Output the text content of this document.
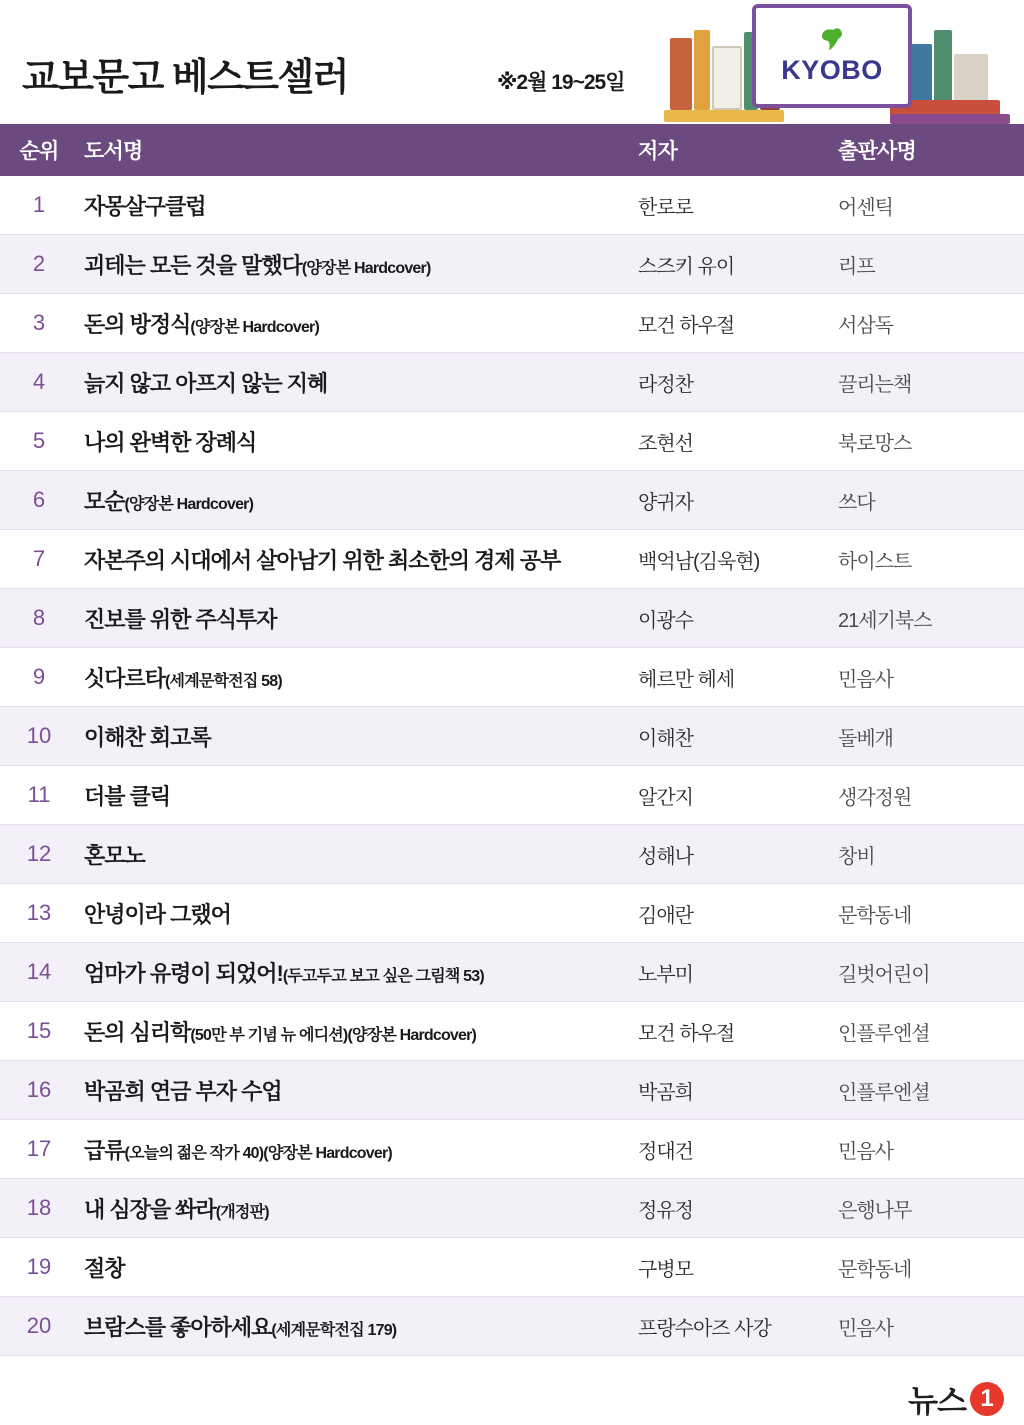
교보문고 베스트셀러	※2월 19~25일	KYOBO
순위	도서명	저자	출판사명
1	자몽살구클럽	한로로	어센틱
2	괴테는 모든 것을 말했다(양장본 Hardcover)	스즈키 유이	리프
3	돈의 방정식(양장본 Hardcover)	모건 하우절	서삼독
4	늙지 않고 아프지 않는 지혜	라정찬	끌리는책
5	나의 완벽한 장례식	조현선	북로망스
6	모순(양장본 Hardcover)	양귀자	쓰다
7	자본주의 시대에서 살아남기 위한 최소한의 경제 공부	백억남(김욱현)	하이스트
8	진보를 위한 주식투자	이광수	21세기북스
9	싯다르타(세계문학전집 58)	헤르만 헤세	민음사
10	이해찬 회고록	이해찬	돌베개
11	더블 클릭	알간지	생각정원
12	혼모노	성해나	창비
13	안녕이라 그랬어	김애란	문학동네
14	엄마가 유령이 되었어!(두고두고 보고 싶은 그림책 53)	노부미	길벗어린이
15	돈의 심리학(50만 부 기념 뉴 에디션)(양장본 Hardcover)	모건 하우절	인플루엔셜
16	박곰희 연금 부자 수업	박곰희	인플루엔셜
17	급류(오늘의 젊은 작가 40)(양장본 Hardcover)	정대건	민음사
18	내 심장을 쏴라(개정판)	정유정	은행나무
19	절창	구병모	문학동네
20	브람스를 좋아하세요(세계문학전집 179)	프랑수아즈 사강	민음사
뉴스 1
